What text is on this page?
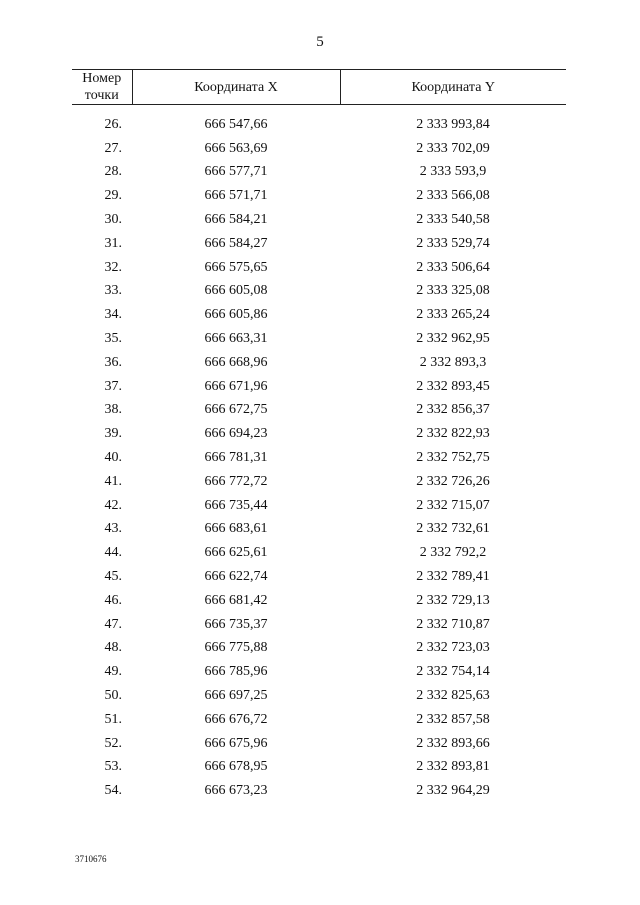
5
Номер
точки	Координата X	Координата Y

26.	666 547,66	2 333 993,84
27.	666 563,69	2 333 702,09
28.	666 577,71	2 333 593,9
29.	666 571,71	2 333 566,08
30.	666 584,21	2 333 540,58
31.	666 584,27	2 333 529,74
32.	666 575,65	2 333 506,64
33.	666 605,08	2 333 325,08
34.	666 605,86	2 333 265,24
35.	666 663,31	2 332 962,95
36.	666 668,96	2 332 893,3
37.	666 671,96	2 332 893,45
38.	666 672,75	2 332 856,37
39.	666 694,23	2 332 822,93
40.	666 781,31	2 332 752,75
41.	666 772,72	2 332 726,26
42.	666 735,44	2 332 715,07
43.	666 683,61	2 332 732,61
44.	666 625,61	2 332 792,2
45.	666 622,74	2 332 789,41
46.	666 681,42	2 332 729,13
47.	666 735,37	2 332 710,87
48.	666 775,88	2 332 723,03
49.	666 785,96	2 332 754,14
50.	666 697,25	2 332 825,63
51.	666 676,72	2 332 857,58
52.	666 675,96	2 332 893,66
53.	666 678,95	2 332 893,81
54.	666 673,23	2 332 964,29
3710676
